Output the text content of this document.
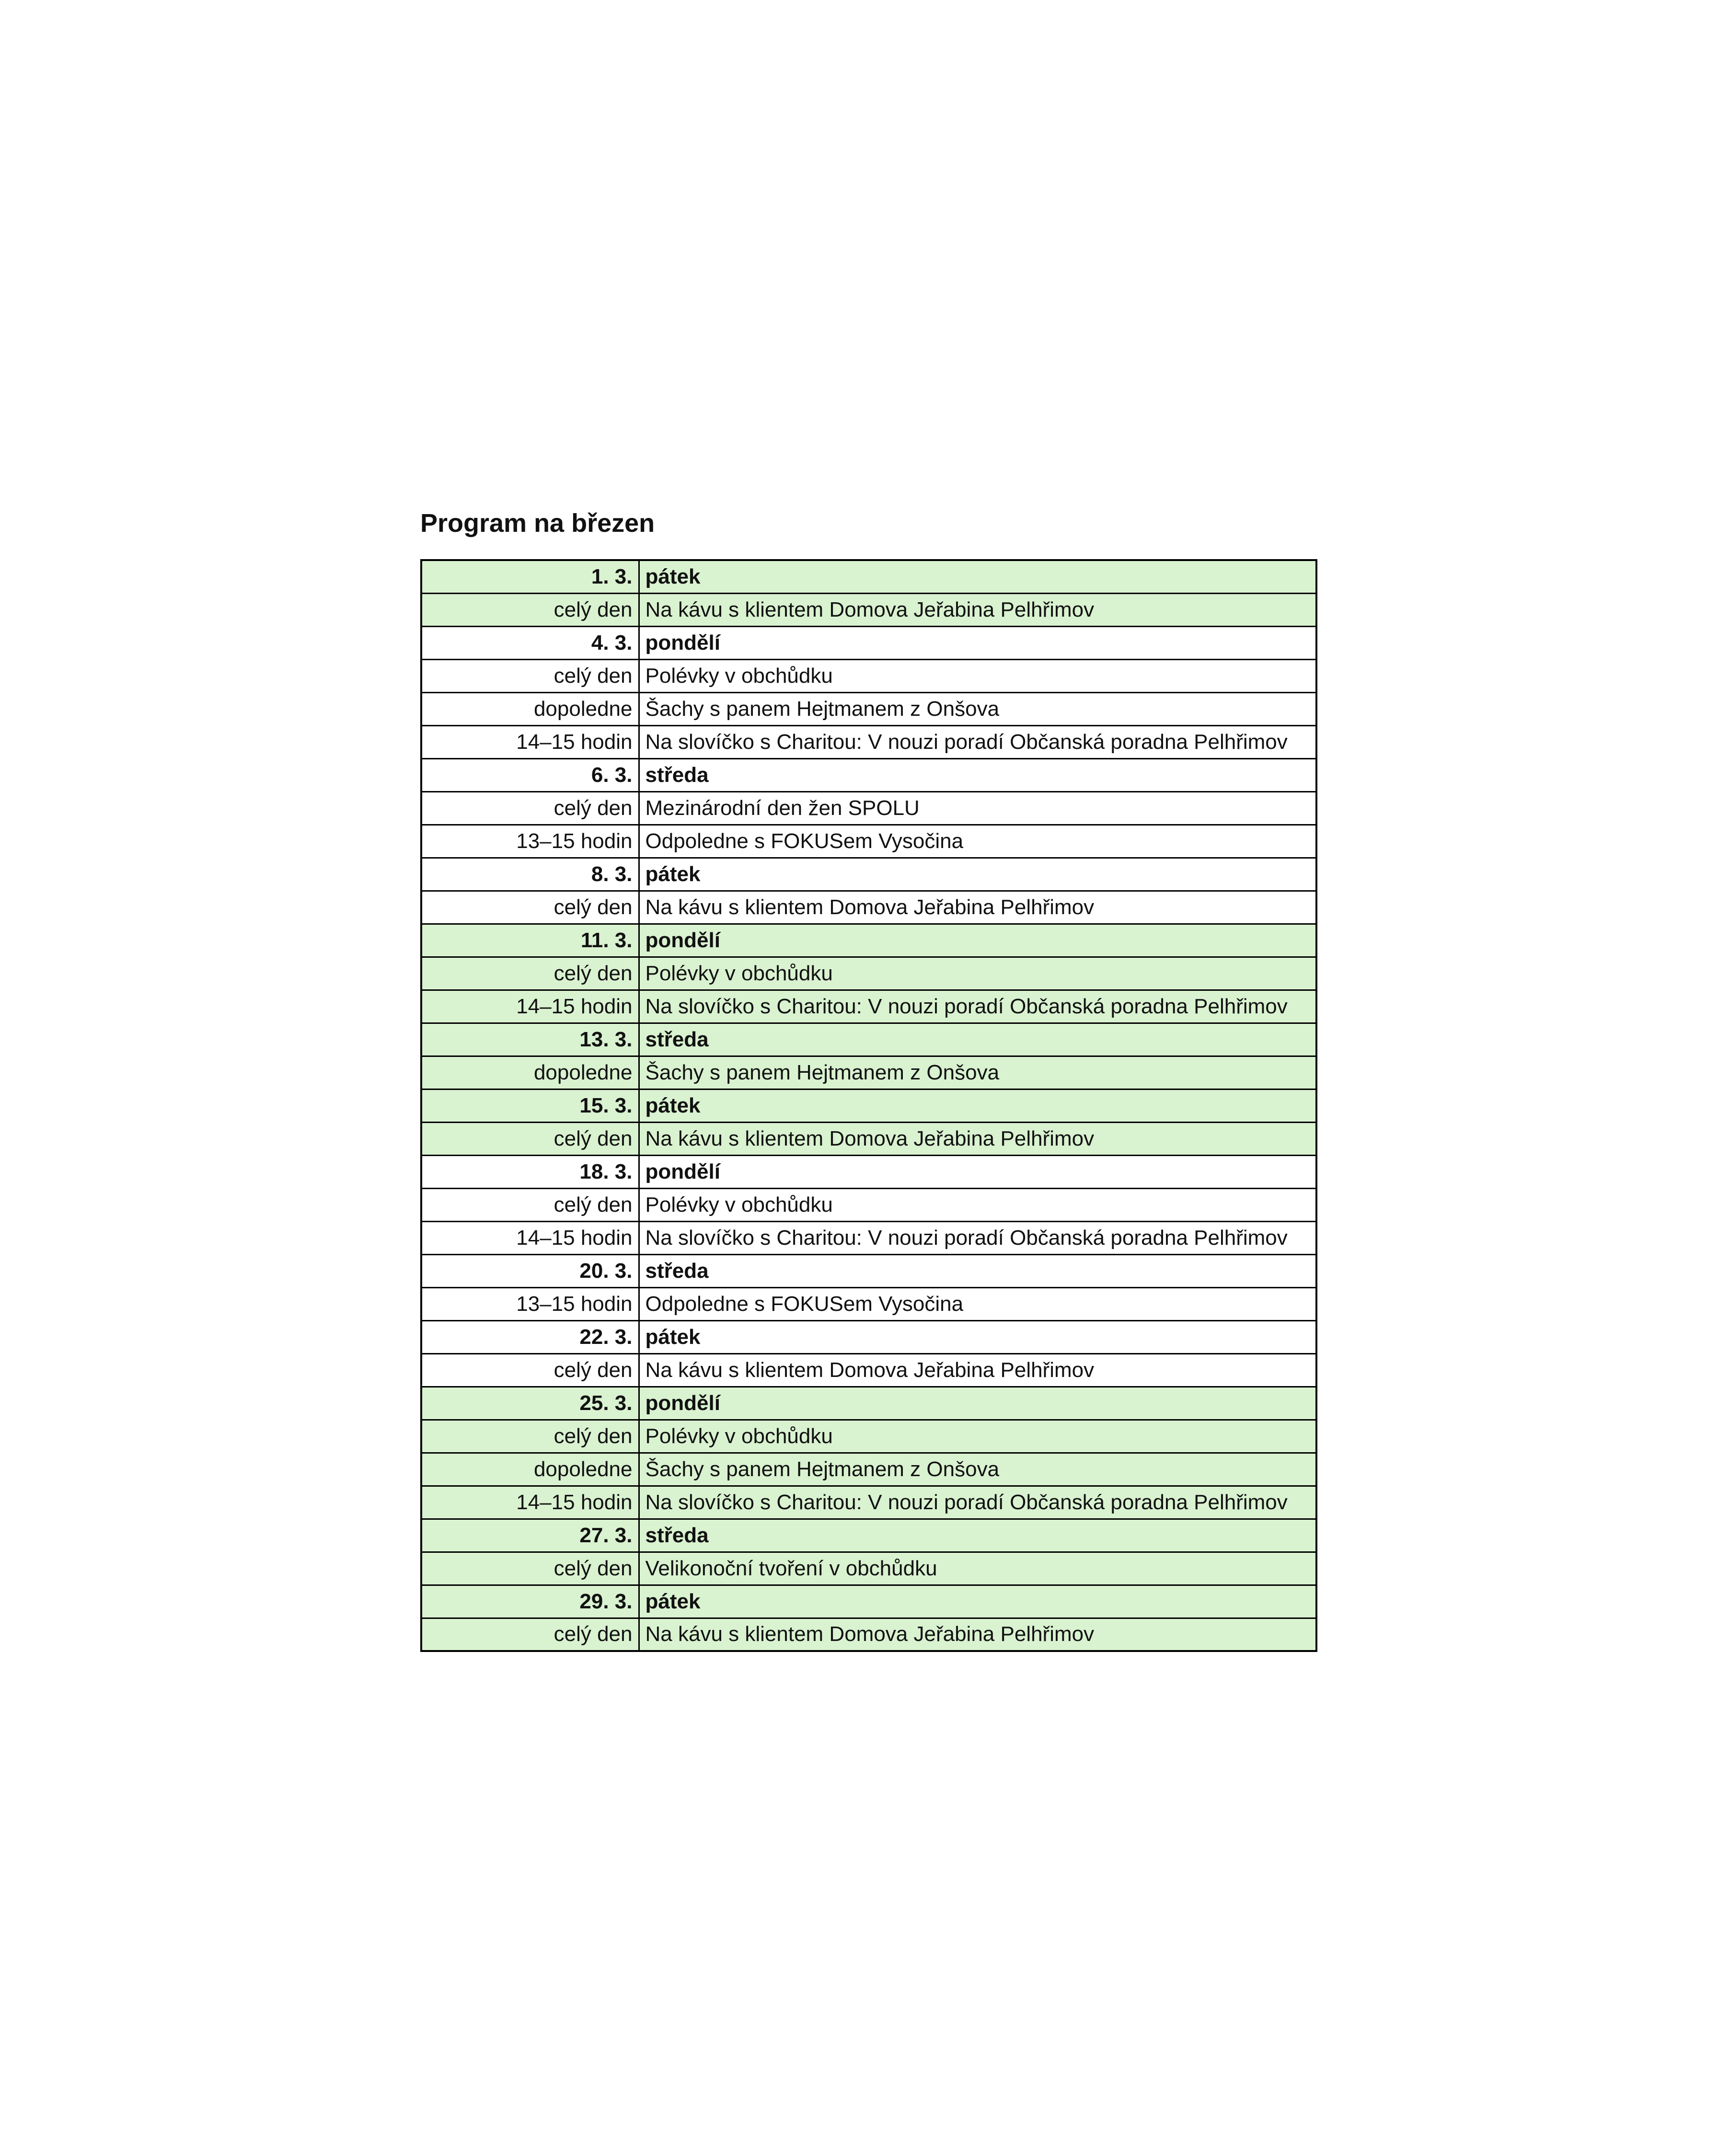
Program na březen
1. 3.	pátek
celý den	Na kávu s klientem Domova Jeřabina Pelhřimov
4. 3.	pondělí
celý den	Polévky v obchůdku
dopoledne	Šachy s panem Hejtmanem z Onšova
14–15 hodin	Na slovíčko s Charitou: V nouzi poradí Občanská poradna Pelhřimov
6. 3.	středa
celý den	Mezinárodní den žen SPOLU
13–15 hodin	Odpoledne s FOKUSem Vysočina
8. 3.	pátek
celý den	Na kávu s klientem Domova Jeřabina Pelhřimov
11. 3.	pondělí
celý den	Polévky v obchůdku
14–15 hodin	Na slovíčko s Charitou: V nouzi poradí Občanská poradna Pelhřimov
13. 3.	středa
dopoledne	Šachy s panem Hejtmanem z Onšova
15. 3.	pátek
celý den	Na kávu s klientem Domova Jeřabina Pelhřimov
18. 3.	pondělí
celý den	Polévky v obchůdku
14–15 hodin	Na slovíčko s Charitou: V nouzi poradí Občanská poradna Pelhřimov
20. 3.	středa
13–15 hodin	Odpoledne s FOKUSem Vysočina
22. 3.	pátek
celý den	Na kávu s klientem Domova Jeřabina Pelhřimov
25. 3.	pondělí
celý den	Polévky v obchůdku
dopoledne	Šachy s panem Hejtmanem z Onšova
14–15 hodin	Na slovíčko s Charitou: V nouzi poradí Občanská poradna Pelhřimov
27. 3.	středa
celý den	Velikonoční tvoření v obchůdku
29. 3.	pátek
celý den	Na kávu s klientem Domova Jeřabina Pelhřimov
